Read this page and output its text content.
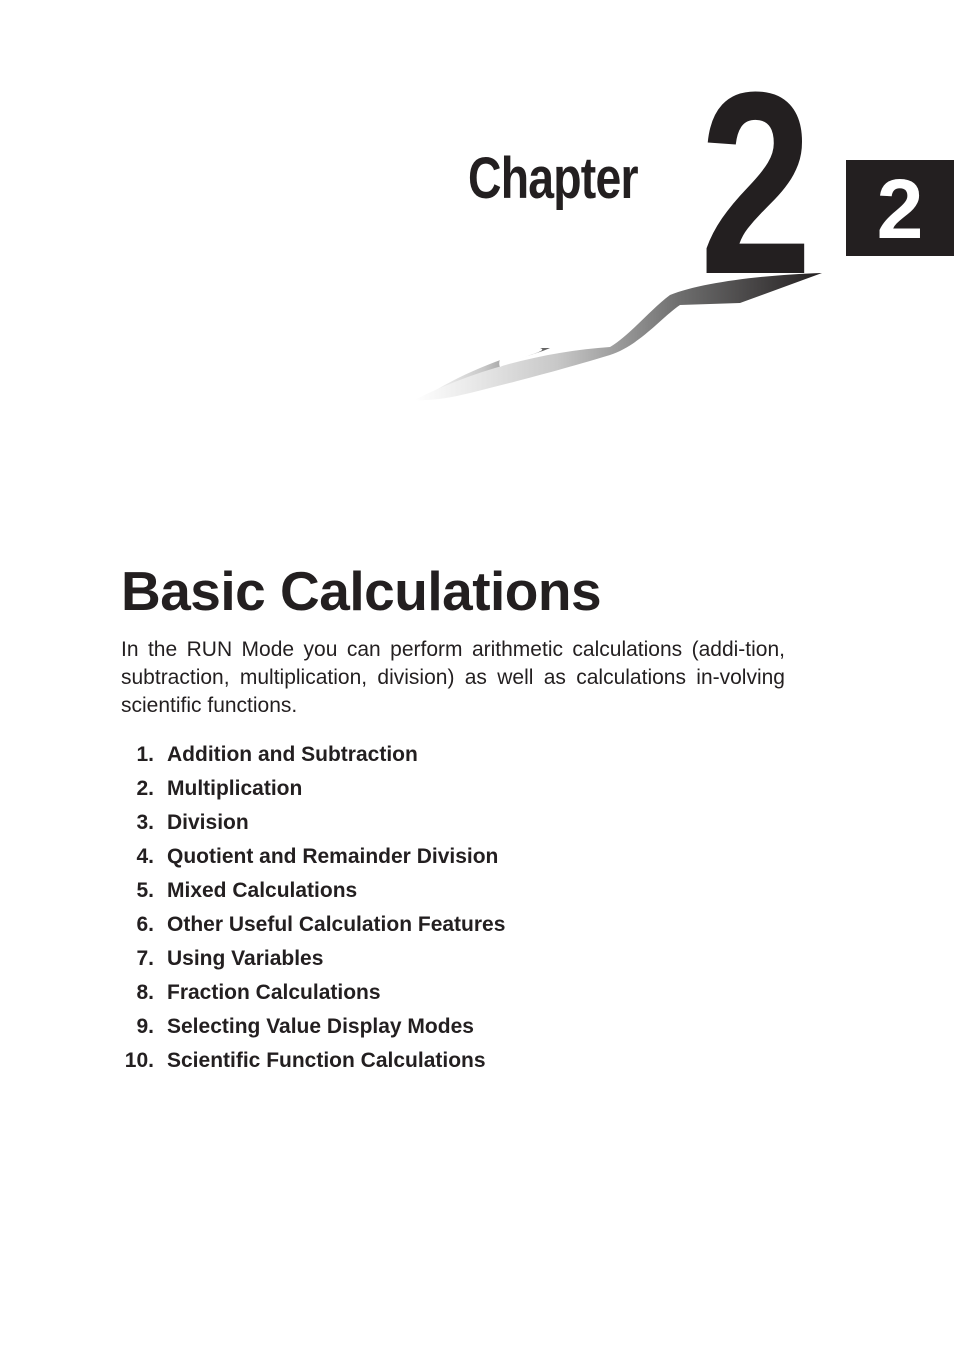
Chapter 2 2
Basic Calculations

In the RUN Mode you can perform arithmetic calculations (addi-tion, subtraction, multiplication, division) as well as calculations in-volving scientific functions.

1. Addition and Subtraction
2. Multiplication
3. Division
4. Quotient and Remainder Division
5. Mixed Calculations
6. Other Useful Calculation Features
7. Using Variables
8. Fraction Calculations
9. Selecting Value Display Modes
10. Scientific Function Calculations
